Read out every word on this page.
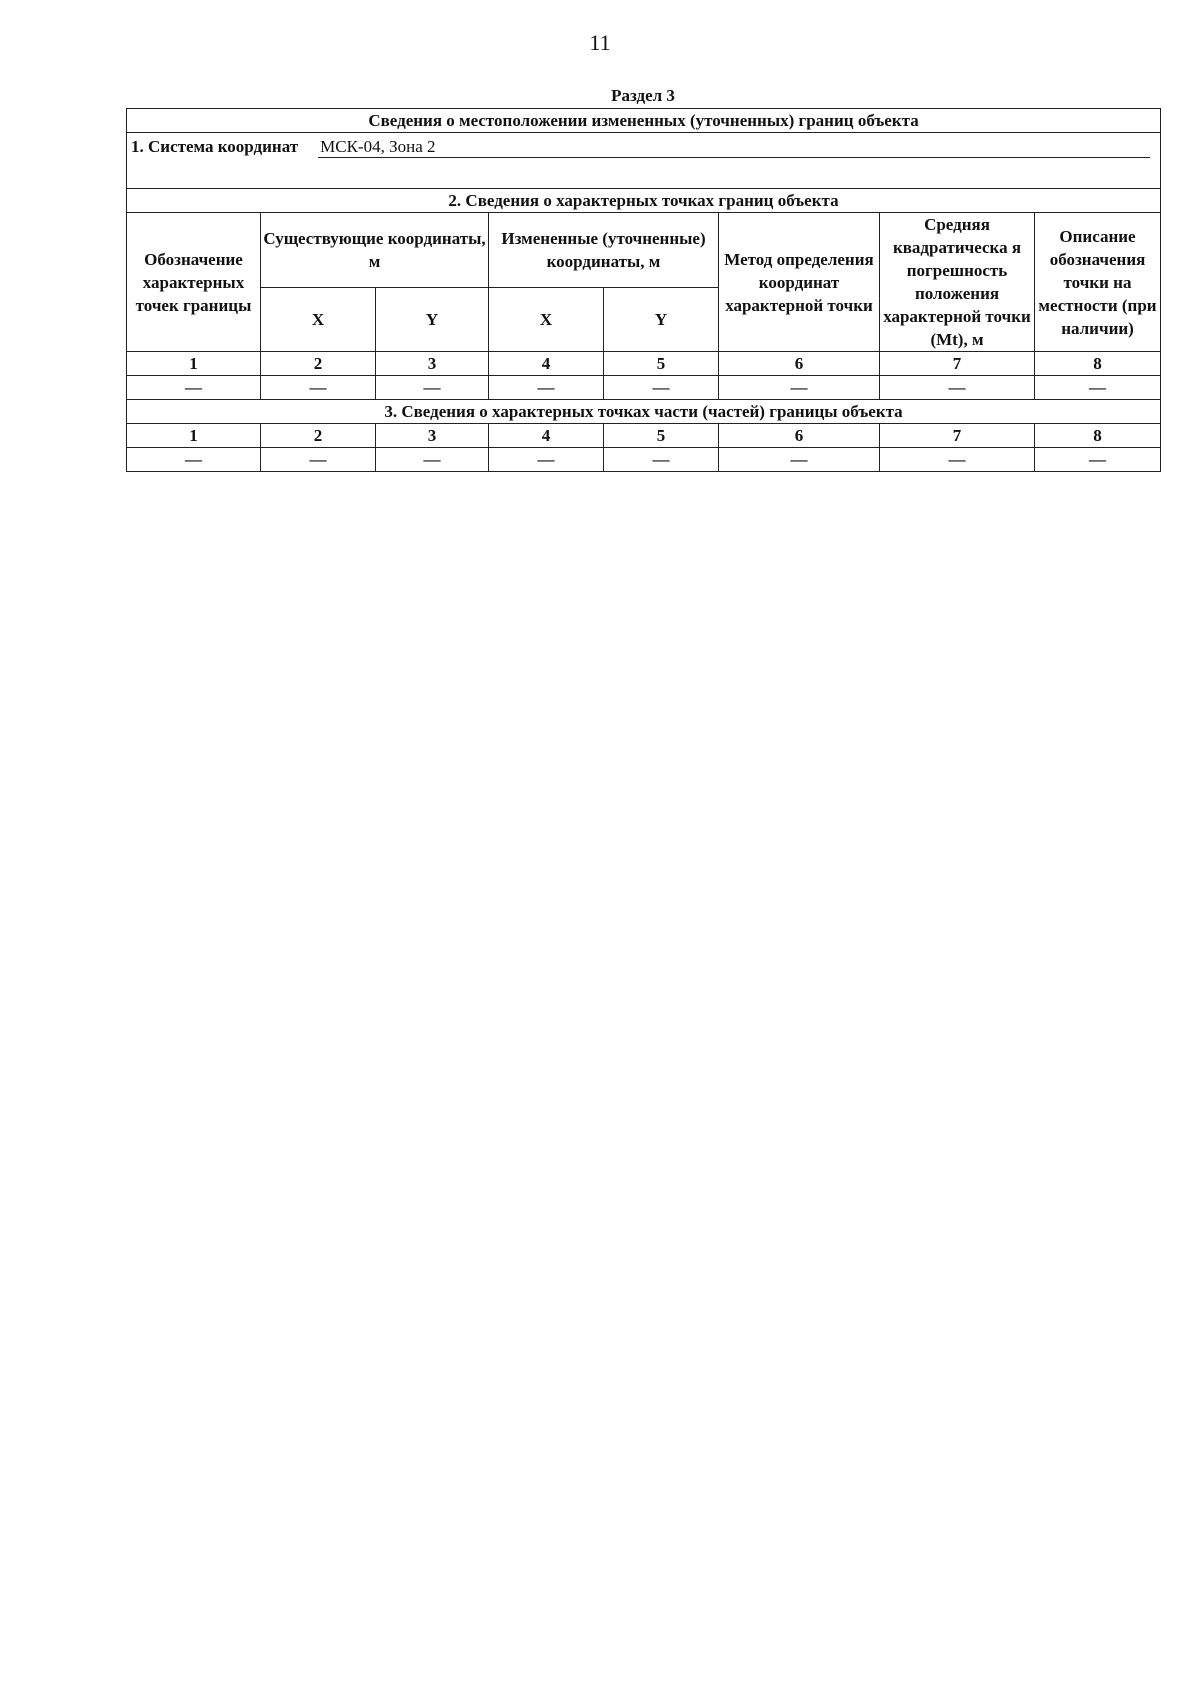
11
Раздел 3
Сведения о местоположении измененных (уточненных) границ объекта							

1. Система координат МСК-04, Зона 2							

2. Сведения о характерных точках границ объекта							
Обозначение характерных точек границы	Существующие координаты, м		Измененные (уточненные) координаты, м		Метод определения координат характерной точки	Средняя квадратическа я погрешность положения характерной точки (Mt), м	Описание обозначения точки на местности (при наличии)
	X	Y	X	Y			
1	2	3	4	5	6	7	8
—	—	—	—	—	—	—	—
3. Сведения о характерных точках части (частей) границы объекта							
1	2	3	4	5	6	7	8
—	—	—	—	—	—	—	—
